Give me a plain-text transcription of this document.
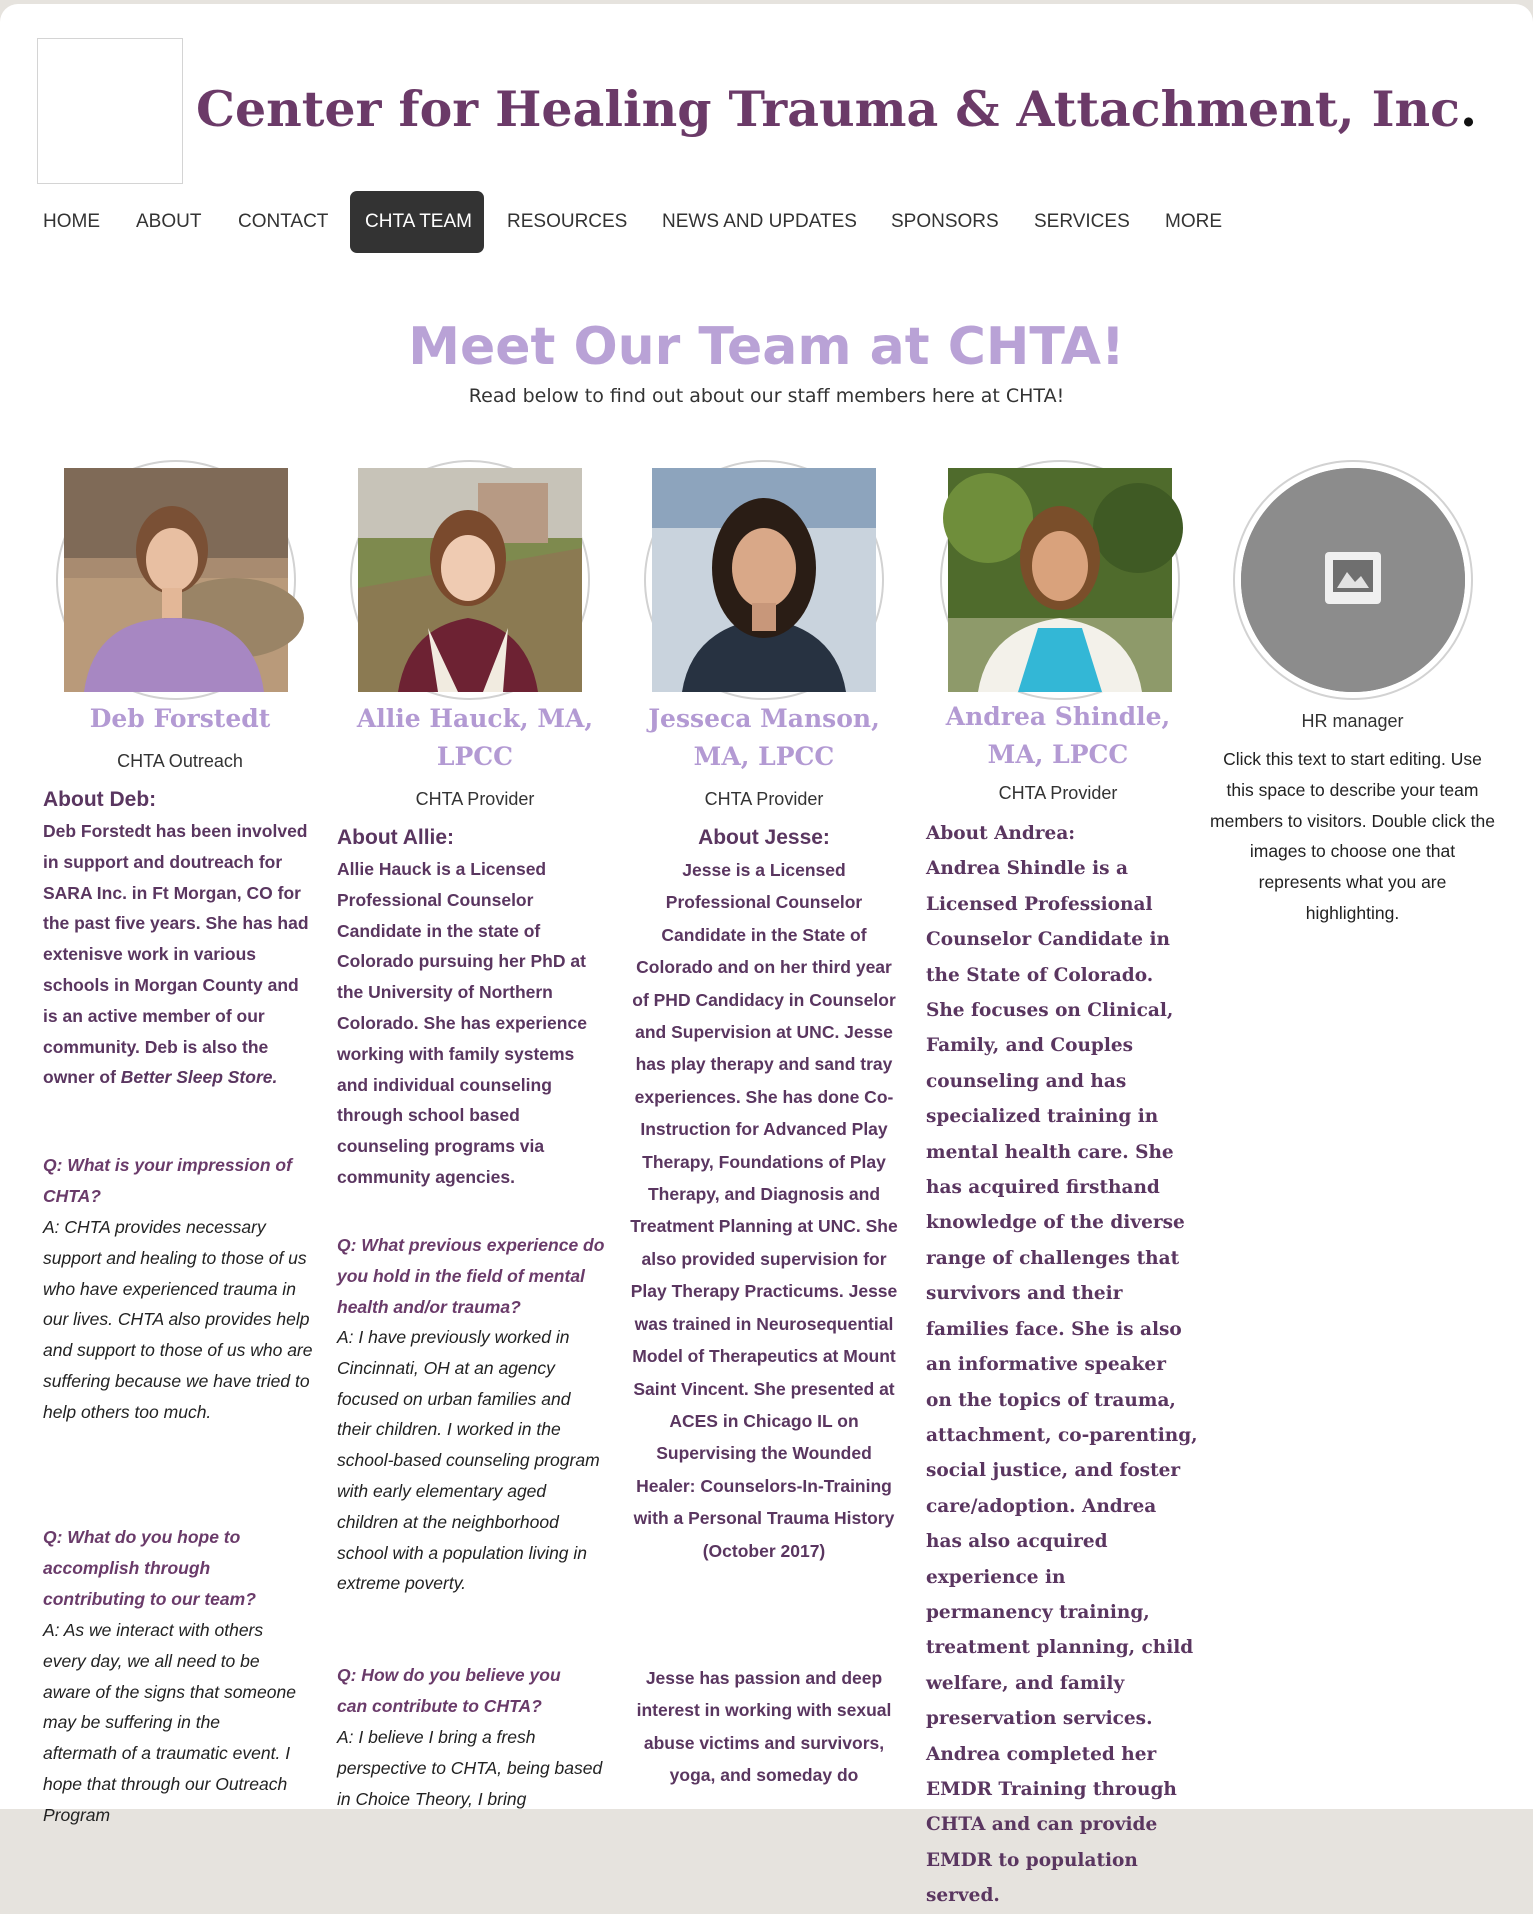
Center for Healing Trauma & Attachment, Inc.
HOME	ABOUT	CONTACT	CHTA TEAM	RESOURCES	NEWS AND UPDATES	SPONSORS	SERVICES	MORE
Meet Our Team at CHTA!

Read below to find out about our staff members here at CHTA!

Deb Forstedt
CHTA Outreach
About Deb:

Deb Forstedt has been involved in support and doutreach for SARA Inc. in Ft Morgan, CO for the past five years. She has had extenisve work in various schools in Morgan County and is an active member of our community. Deb is also the owner of Better Sleep Store.

Q: What is your impression of CHTA?

A: CHTA provides necessary support and healing to those of us who have experienced trauma in our lives. CHTA also provides help and support to those of us who are suffering because we have tried to help others too much.

Q: What do you hope to accomplish through contributing to our team?

A: As we interact with others every day, we all need to be aware of the signs that someone may be suffering in the aftermath of a traumatic event. I hope that through our Outreach Program

Allie Hauck, MA, LPCC
CHTA Provider
About Allie:

Allie Hauck is a Licensed Professional Counselor Candidate in the state of Colorado pursuing her PhD at the University of Northern Colorado. She has experience working with family systems and individual counseling through school based counseling programs via community agencies.

Q: What previous experience do you hold in the field of mental health and/or trauma?

A: I have previously worked in Cincinnati, OH at an agency focused on urban families and their children. I worked in the school-based counseling program with early elementary aged children at the neighborhood school with a population living in extreme poverty.

Q: How do you believe you can contribute to CHTA?

A: I believe I bring a fresh perspective to CHTA, being based in Choice Theory, I bring

Jesseca Manson, MA, LPCC
CHTA Provider
About Jesse:

Jesse is a Licensed Professional Counselor Candidate in the State of Colorado and on her third year of PHD Candidacy in Counselor and Supervision at UNC. Jesse has play therapy and sand tray experiences. She has done Co-Instruction for Advanced Play Therapy, Foundations of Play Therapy, and Diagnosis and Treatment Planning at UNC. She also provided supervision for Play Therapy Practicums. Jesse was trained in Neurosequential Model of Therapeutics at Mount Saint Vincent. She presented at ACES in Chicago IL on Supervising the Wounded Healer: Counselors-In-Training with a Personal Trauma History (October 2017)

Jesse has passion and deep interest in working with sexual abuse victims and survivors, yoga, and someday do

Andrea Shindle, MA, LPCC
CHTA Provider

About Andrea:
Andrea Shindle is a Licensed Professional Counselor Candidate in the State of Colorado. She focuses on Clinical, Family, and Couples counseling and has specialized training in mental health care. She has acquired firsthand knowledge of the diverse range of challenges that survivors and their families face. She is also an informative speaker on the topics of trauma, attachment, co-parenting, social justice, and foster care/adoption. Andrea has also acquired experience in permanency training, treatment planning, child welfare, and family preservation services. Andrea completed her EMDR Training through CHTA and can provide EMDR to population served.

HR manager

Click this text to start editing. Use this space to describe your team members to visitors. Double click the images to choose one that represents what you are highlighting.
